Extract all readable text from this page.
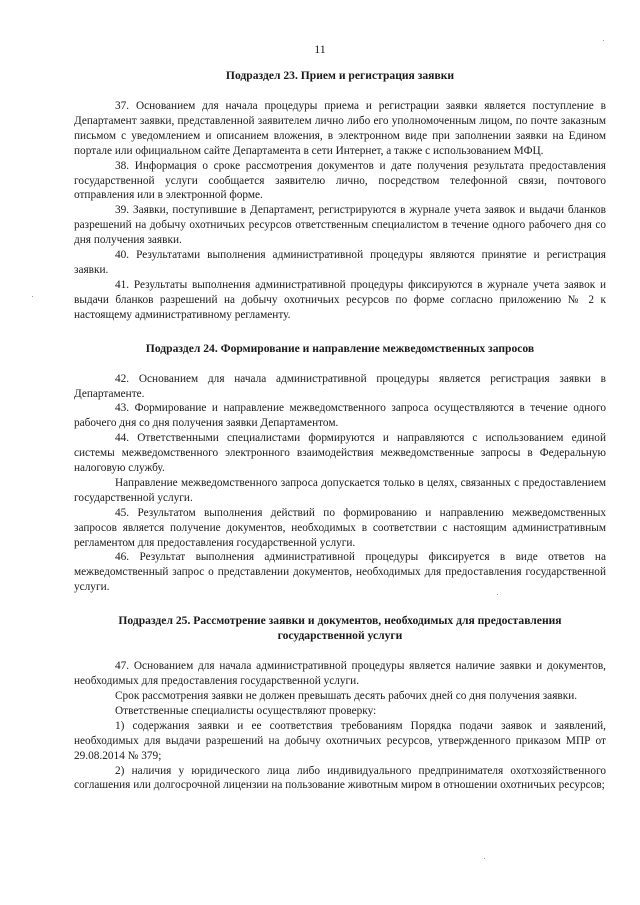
11
Подраздел 23. Прием и регистрация заявки

37. Основанием для начала процедуры приема и регистрации заявки является поступление в Департамент заявки, представленной заявителем лично либо его уполномоченным лицом, по почте заказным письмом с уведомлением и описанием вложения, в электронном виде при заполнении заявки на Едином портале или официальном сайте Департамента в сети Интернет, а также с использованием МФЦ.

38. Информация о сроке рассмотрения документов и дате получения результата предоставления государственной услуги сообщается заявителю лично, посредством телефонной связи, почтового отправления или в электронной форме.

39. Заявки, поступившие в Департамент, регистрируются в журнале учета заявок и выдачи бланков разрешений на добычу охотничьих ресурсов ответственным специалистом в течение одного рабочего дня со дня получения заявки.

40. Результатами выполнения административной процедуры являются принятие и регистрация заявки.

41. Результаты выполнения административной процедуры фиксируются в журнале учета заявок и выдачи бланков разрешений на добычу охотничьих ресурсов по форме согласно приложению № 2 к настоящему административному регламенту.

Подраздел 24. Формирование и направление межведомственных запросов

42. Основанием для начала административной процедуры является регистрация заявки в Департаменте.

43. Формирование и направление межведомственного запроса осуществляются в течение одного рабочего дня со дня получения заявки Департаментом.

44. Ответственными специалистами формируются и направляются с использованием единой системы межведомственного электронного взаимодействия межведомственные запросы в Федеральную налоговую службу.

Направление межведомственного запроса допускается только в целях, связанных с предоставлением государственной услуги.

45. Результатом выполнения действий по формированию и направлению межведомственных запросов является получение документов, необходимых в соответствии с настоящим административным регламентом для предоставления государственной услуги.

46. Результат выполнения административной процедуры фиксируется в виде ответов на межведомственный запрос о представлении документов, необходимых для предоставления государственной услуги.

Подраздел 25. Рассмотрение заявки и документов, необходимых для предоставления государственной услуги

47. Основанием для начала административной процедуры является наличие заявки и документов, необходимых для предоставления государственной услуги.

Срок рассмотрения заявки не должен превышать десять рабочих дней со дня получения заявки.

Ответственные специалисты осуществляют проверку:

1) содержания заявки и ее соответствия требованиям Порядка подачи заявок и заявлений, необходимых для выдачи разрешений на добычу охотничьих ресурсов, утвержденного приказом МПР от 29.08.2014 № 379;

2) наличия у юридического лица либо индивидуального предпринимателя охотхозяйственного соглашения или долгосрочной лицензии на пользование животным миром в отношении охотничьих ресурсов;
